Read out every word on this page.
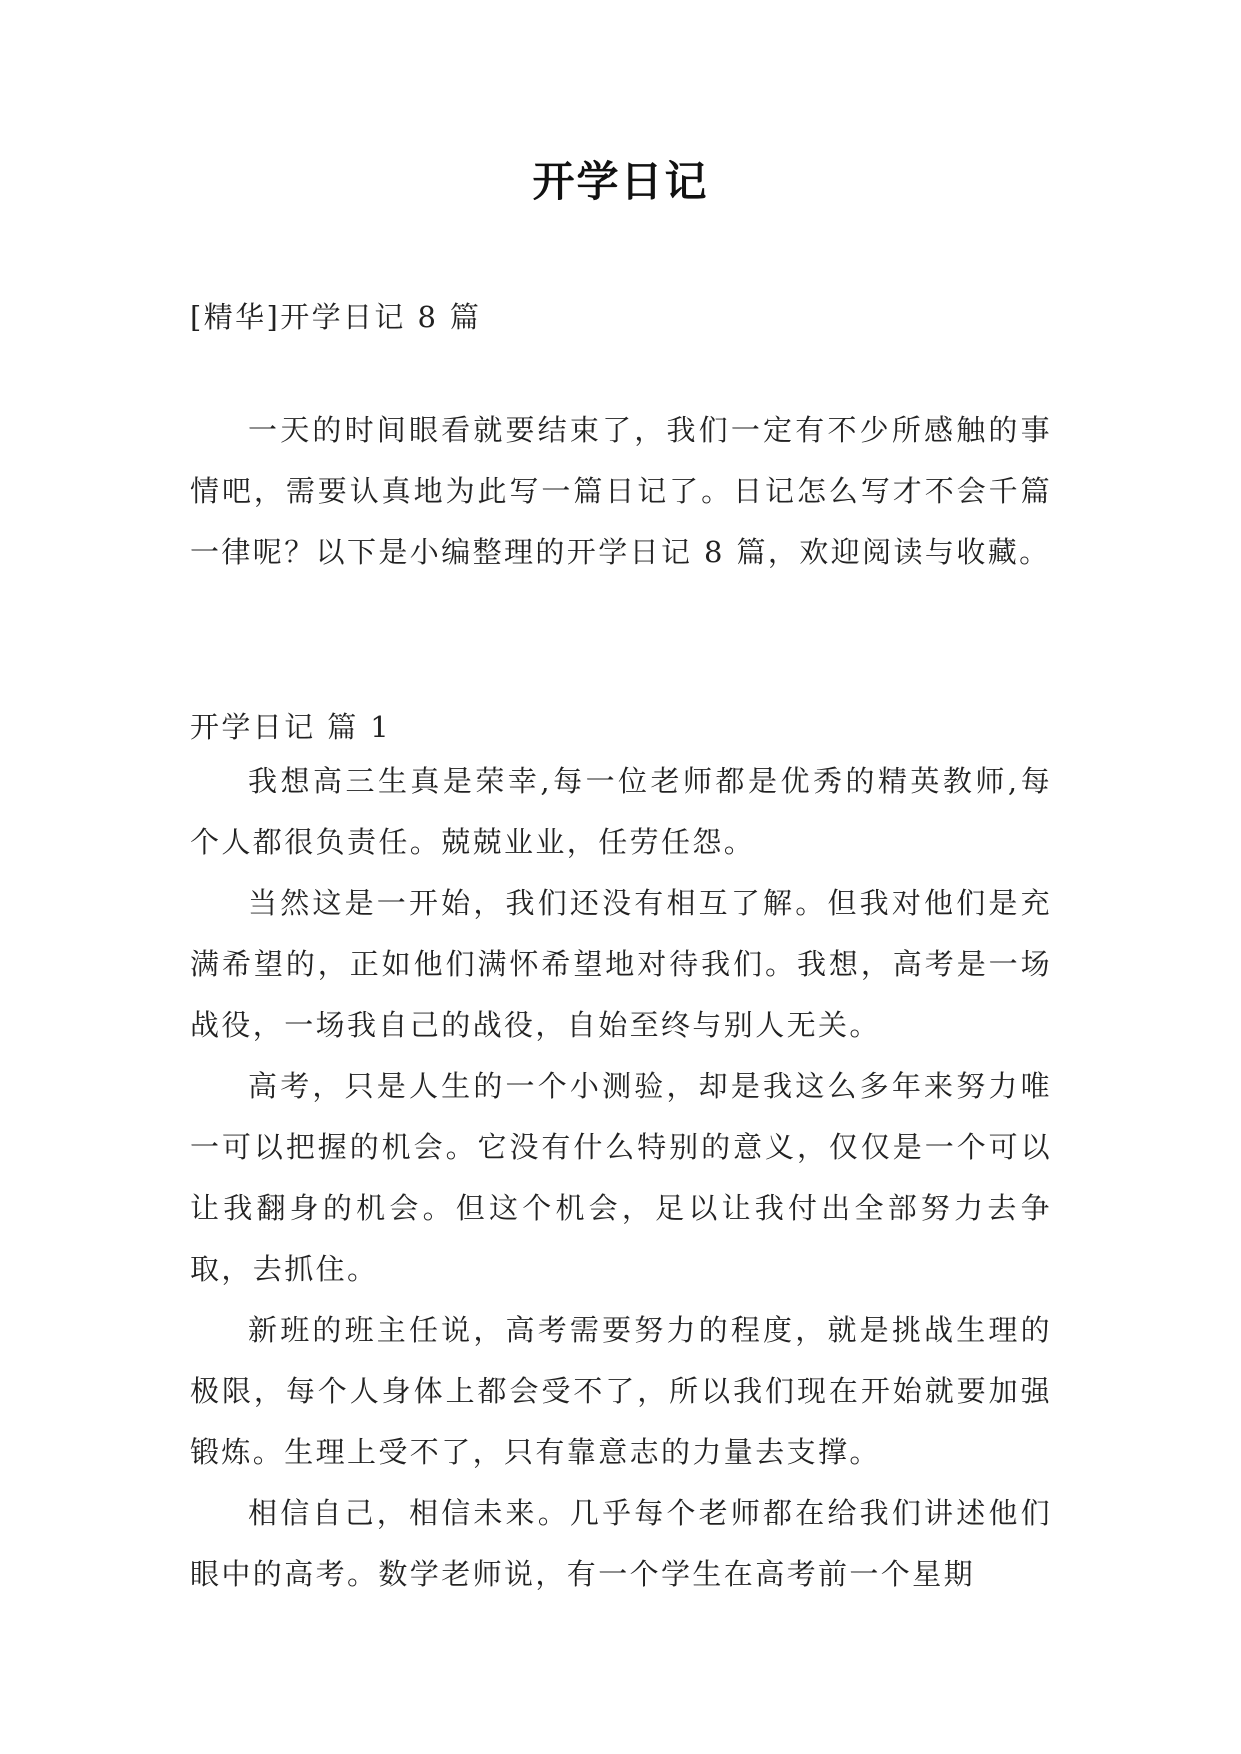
开学日记
[精华]开学日记 8 篇

一天的时间眼看就要结束了，我们一定有不少所感触的事情吧，需要认真地为此写一篇日记了。日记怎么写才不会千篇一律呢？以下是小编整理的开学日记 8 篇，欢迎阅读与收藏。

开学日记 篇 1

我想高三生真是荣幸,每一位老师都是优秀的精英教师,每个人都很负责任。兢兢业业，任劳任怨。

当然这是一开始，我们还没有相互了解。但我对他们是充满希望的，正如他们满怀希望地对待我们。我想，高考是一场战役，一场我自己的战役，自始至终与别人无关。

高考，只是人生的一个小测验，却是我这么多年来努力唯一可以把握的机会。它没有什么特别的意义，仅仅是一个可以让我翻身的机会。但这个机会，足以让我付出全部努力去争取，去抓住。

新班的班主任说，高考需要努力的程度，就是挑战生理的极限，每个人身体上都会受不了，所以我们现在开始就要加强锻炼。生理上受不了，只有靠意志的力量去支撑。

相信自己，相信未来。几乎每个老师都在给我们讲述他们眼中的高考。数学老师说，有一个学生在高考前一个星期
